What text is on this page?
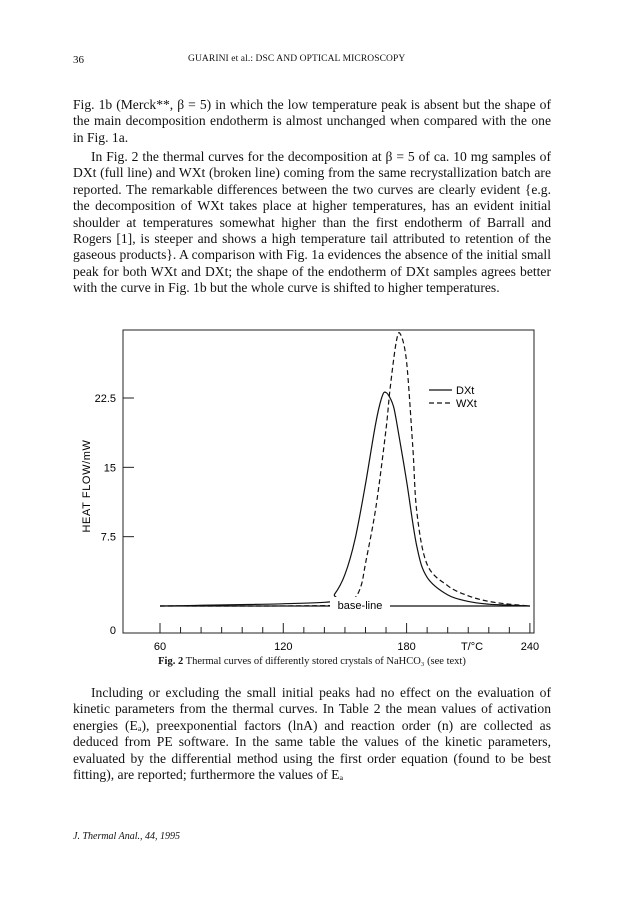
36	GUARINI et al.: DSC AND OPTICAL MICROSCOPY

Fig. 1b (Merck**, β = 5) in which the low temperature peak is absent but the shape of the main decomposition endotherm is almost unchanged when compared with the one in Fig. 1a.

In Fig. 2 the thermal curves for the decomposition at β = 5 of ca. 10 mg samples of DXt (full line) and WXt (broken line) coming from the same recrystallization batch are reported. The remarkable differences between the two curves are clearly evident {e.g. the decomposition of WXt takes place at higher temperatures, has an evident initial shoulder at temperatures somewhat higher than the first endotherm of Barrall and Rogers [1], is steeper and shows a high temperature tail attributed to retention of the gaseous products}. A comparison with Fig. 1a evidences the absence of the initial small peak for both WXt and DXt; the shape of the endotherm of DXt samples agrees better with the curve in Fig. 1b but the whole curve is shifted to higher temperatures.

0
7.5
15
22.5
60	120	180	240
HEAT FLOW/mW
T/°C
DXt
WXt
base-line
Fig. 2 Thermal curves of differently stored crystals of NaHCO₃ (see text)

Including or excluding the small initial peaks had no effect on the evaluation of kinetic parameters from the thermal curves. In Table 2 the mean values of activation energies (Eₐ), preexponential factors (lnA) and reaction order (n) are collected as deduced from PE software. In the same table the values of the kinetic parameters, evaluated by the differential method using the first order equation (found to be best fitting), are reported; furthermore the values of Eₐ

J. Thermal Anal., 44, 1995
